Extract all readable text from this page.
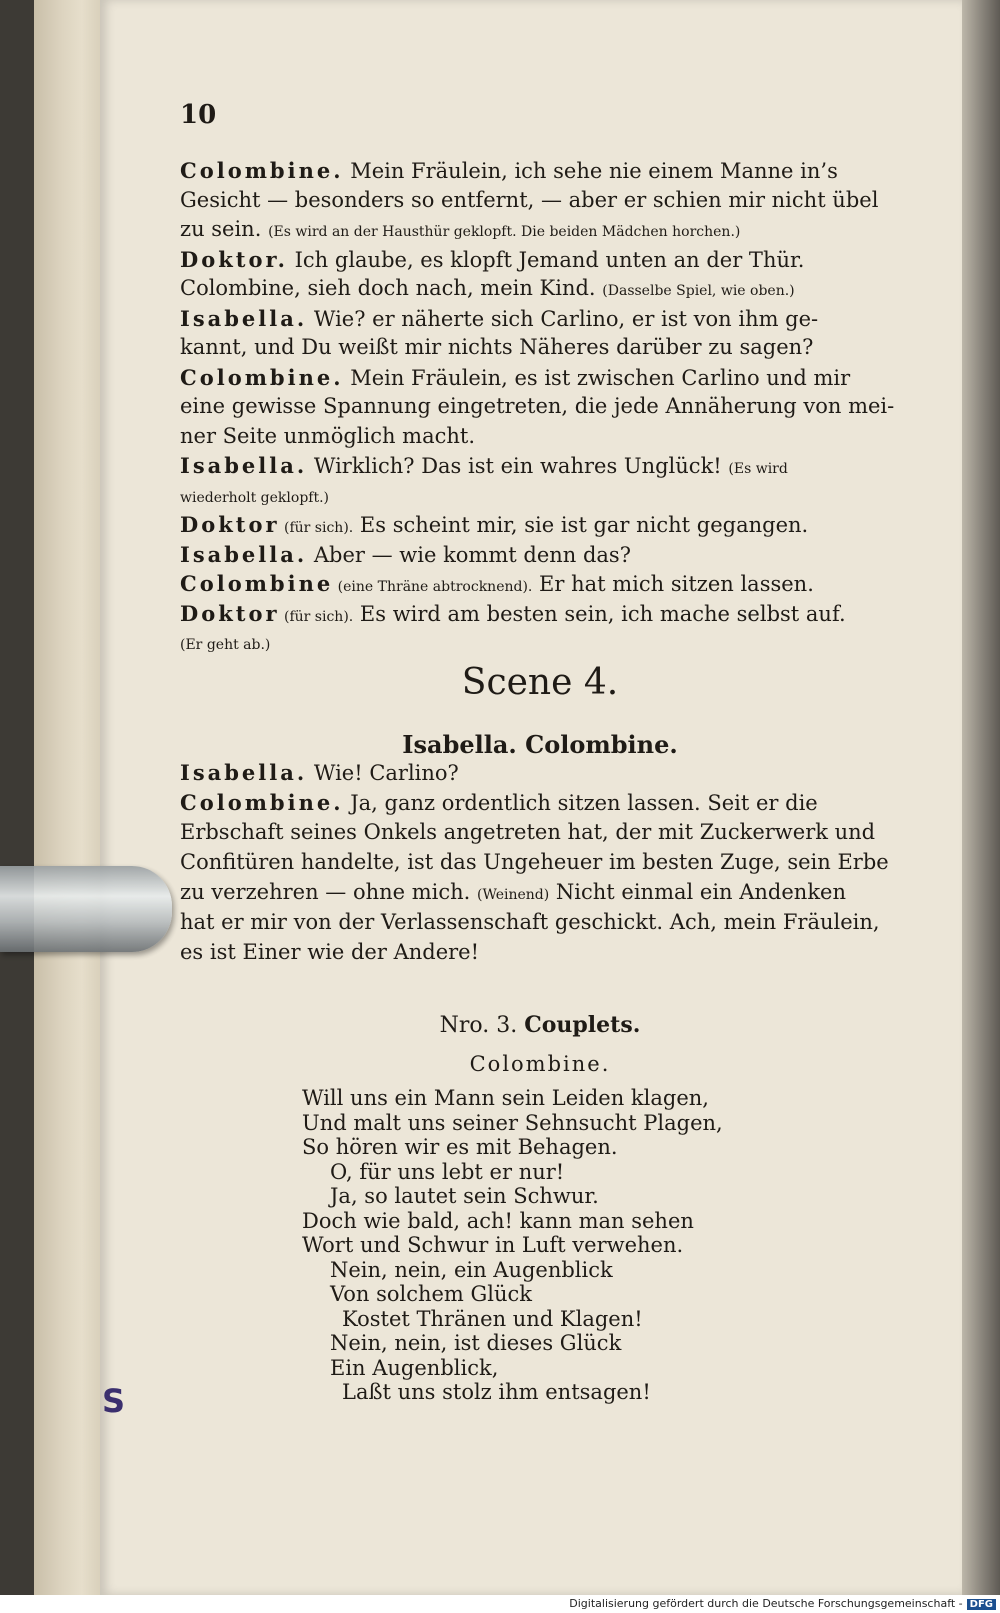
10
Colombine. Mein Fräulein, ich sehe nie einem Manne in’s
Gesicht — besonders so entfernt, — aber er schien mir nicht übel
zu sein. (Es wird an der Hausthür geklopft. Die beiden Mädchen horchen.)
Doktor. Ich glaube, es klopft Jemand unten an der Thür.
Colombine, sieh doch nach, mein Kind. (Dasselbe Spiel, wie oben.)
Isabella. Wie? er näherte sich Carlino, er ist von ihm ge-
kannt, und Du weißt mir nichts Näheres darüber zu sagen?
Colombine. Mein Fräulein, es ist zwischen Carlino und mir
eine gewisse Spannung eingetreten, die jede Annäherung von mei-
ner Seite unmöglich macht.
Isabella. Wirklich? Das ist ein wahres Unglück! (Es wird
wiederholt geklopft.)
Doktor (für sich). Es scheint mir, sie ist gar nicht gegangen.
Isabella. Aber — wie kommt denn das?
Colombine (eine Thräne abtrocknend). Er hat mich sitzen lassen.
Doktor (für sich). Es wird am besten sein, ich mache selbst auf.
(Er geht ab.)
Scene 4.
Isabella. Colombine.
Isabella. Wie! Carlino?
Colombine. Ja, ganz ordentlich sitzen lassen. Seit er die
Erbschaft seines Onkels angetreten hat, der mit Zuckerwerk und
Confitüren handelte, ist das Ungeheuer im besten Zuge, sein Erbe
zu verzehren — ohne mich. (Weinend) Nicht einmal ein Andenken
hat er mir von der Verlassenschaft geschickt. Ach, mein Fräulein,
es ist Einer wie der Andere!
Nro. 3. Couplets.
Colombine.
Will uns ein Mann sein Leiden klagen,
Und malt uns seiner Sehnsucht Plagen,
So hören wir es mit Behagen.
O, für uns lebt er nur!
Ja, so lautet sein Schwur.
Doch wie bald, ach! kann man sehen
Wort und Schwur in Luft verwehen.
Nein, nein, ein Augenblick
Von solchem Glück
Kostet Thränen und Klagen!
Nein, nein, ist dieses Glück
Ein Augenblick,
Laßt uns stolz ihm entsagen!
S
Digitalisierung gefördert durch die Deutsche Forschungsgemeinschaft - DFG
